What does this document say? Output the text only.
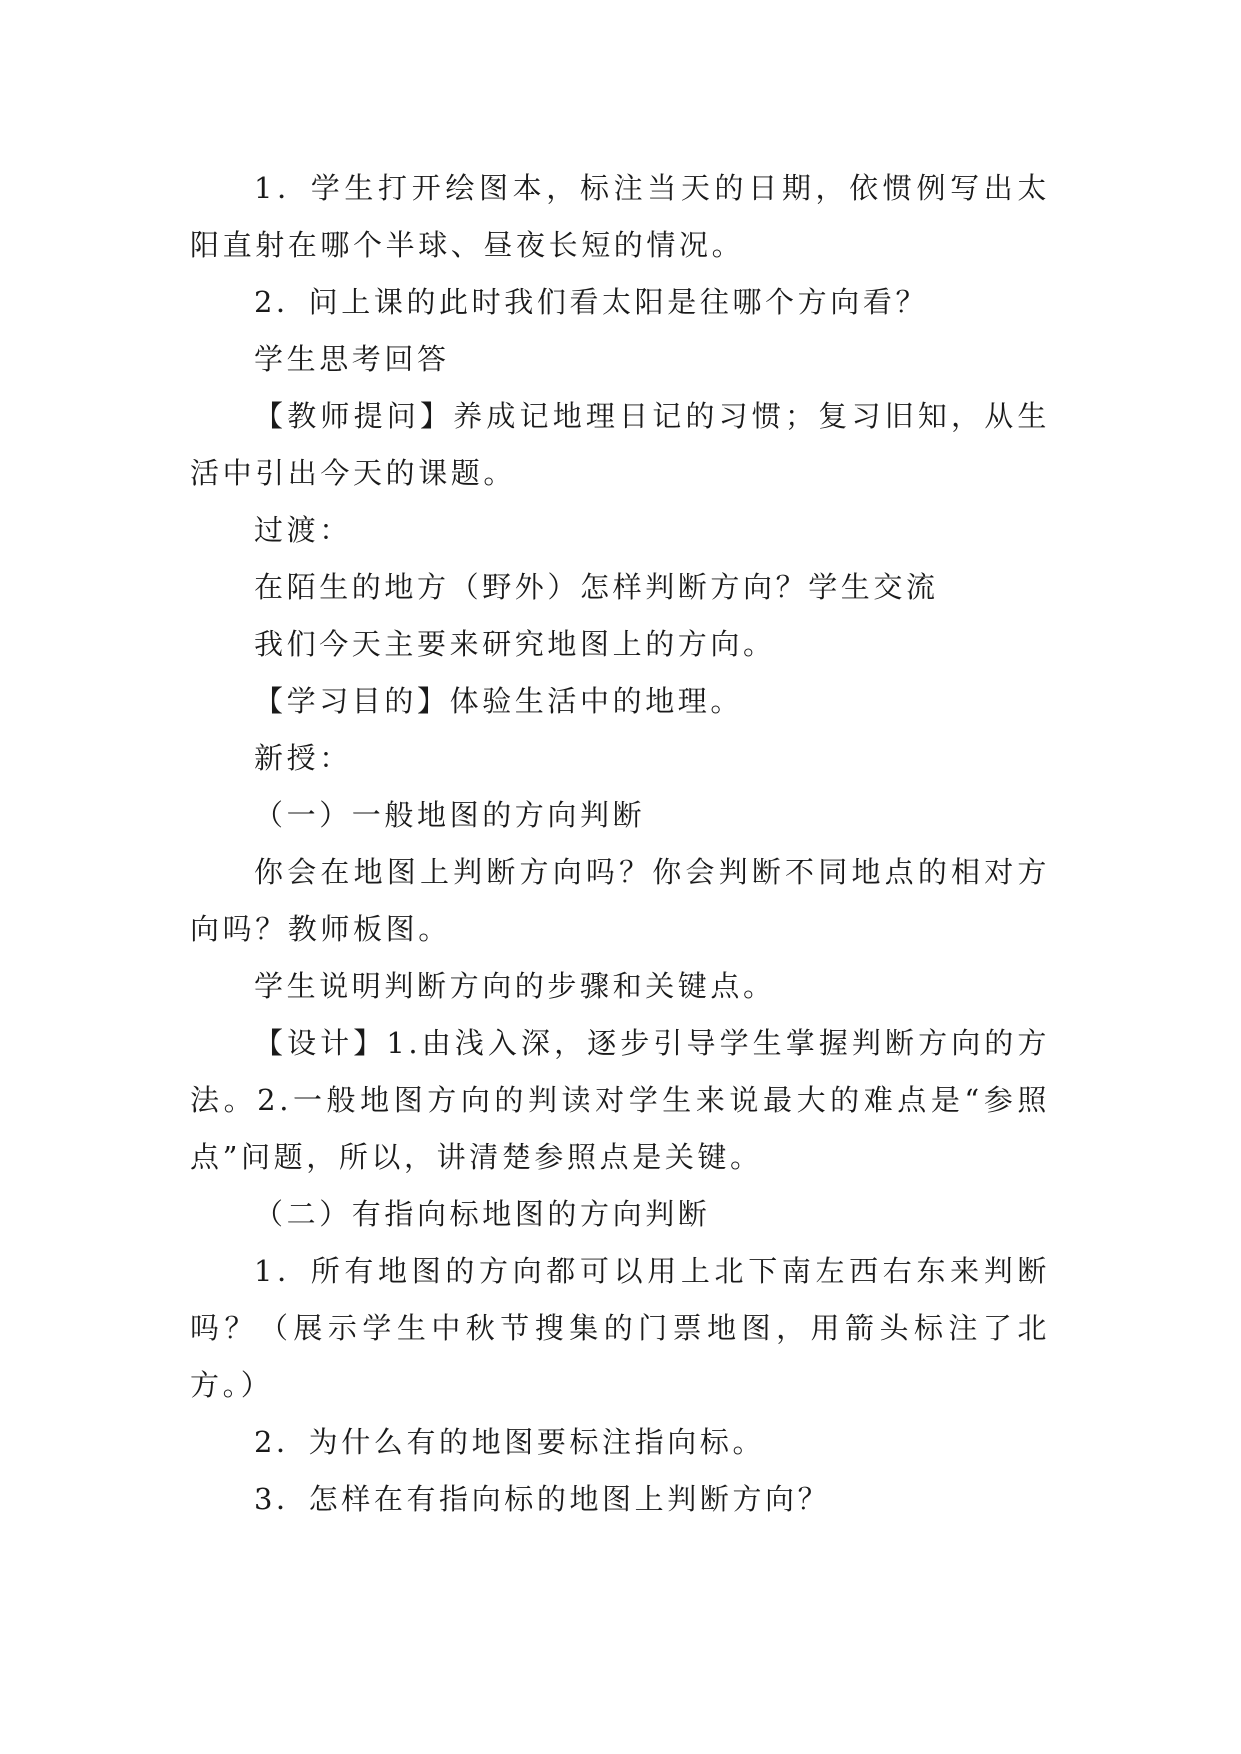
1．学生打开绘图本，标注当天的日期，依惯例写出太阳直射在哪个半球、昼夜长短的情况。

2．问上课的此时我们看太阳是往哪个方向看？

学生思考回答

【教师提问】养成记地理日记的习惯；复习旧知，从生活中引出今天的课题。

过渡：

在陌生的地方（野外）怎样判断方向？学生交流

我们今天主要来研究地图上的方向。

【学习目的】体验生活中的地理。

新授：

（一）一般地图的方向判断

你会在地图上判断方向吗？你会判断不同地点的相对方向吗？教师板图。

学生说明判断方向的步骤和关键点。

【设计】1.由浅入深，逐步引导学生掌握判断方向的方法。2.一般地图方向的判读对学生来说最大的难点是“参照点”问题，所以，讲清楚参照点是关键。

（二）有指向标地图的方向判断

1．所有地图的方向都可以用上北下南左西右东来判断吗？（展示学生中秋节搜集的门票地图，用箭头标注了北方。）

2．为什么有的地图要标注指向标。

3．怎样在有指向标的地图上判断方向？
